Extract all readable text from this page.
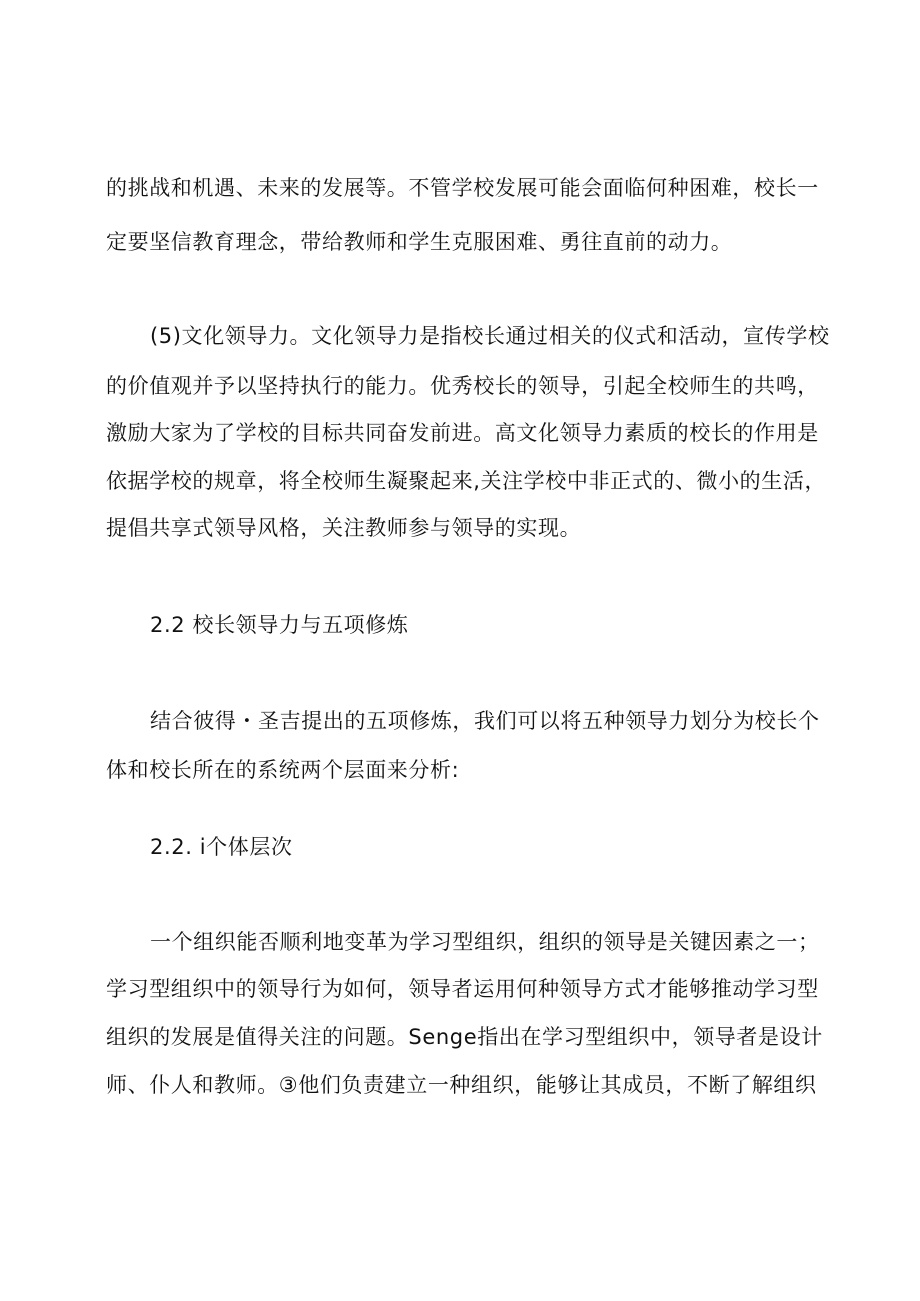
的挑战和机遇、未来的发展等。不管学校发展可能会面临何种困难，校长一
定要坚信教育理念，带给教师和学生克服困难、勇往直前的动力。
(5)文化领导力。文化领导力是指校长通过相关的仪式和活动，宣传学校
的价值观并予以坚持执行的能力。优秀校长的领导，引起全校师生的共鸣，
激励大家为了学校的目标共同奋发前进。高文化领导力素质的校长的作用是
依据学校的规章，将全校师生凝聚起来,关注学校中非正式的、微小的生活，
提倡共享式领导风格，关注教师参与领导的实现。
2.2 校长领导力与五项修炼
结合彼得・圣吉提出的五项修炼，我们可以将五种领导力划分为校长个
体和校长所在的系统两个层面来分析:
2.2. i个体层次
一个组织能否顺利地变革为学习型组织，组织的领导是关键因素之一；
学习型组织中的领导行为如何，领导者运用何种领导方式才能够推动学习型
组织的发展是值得关注的问题。Senge指出在学习型组织中，领导者是设计
师、仆人和教师。③他们负责建立一种组织，能够让其成员，不断了解组织
